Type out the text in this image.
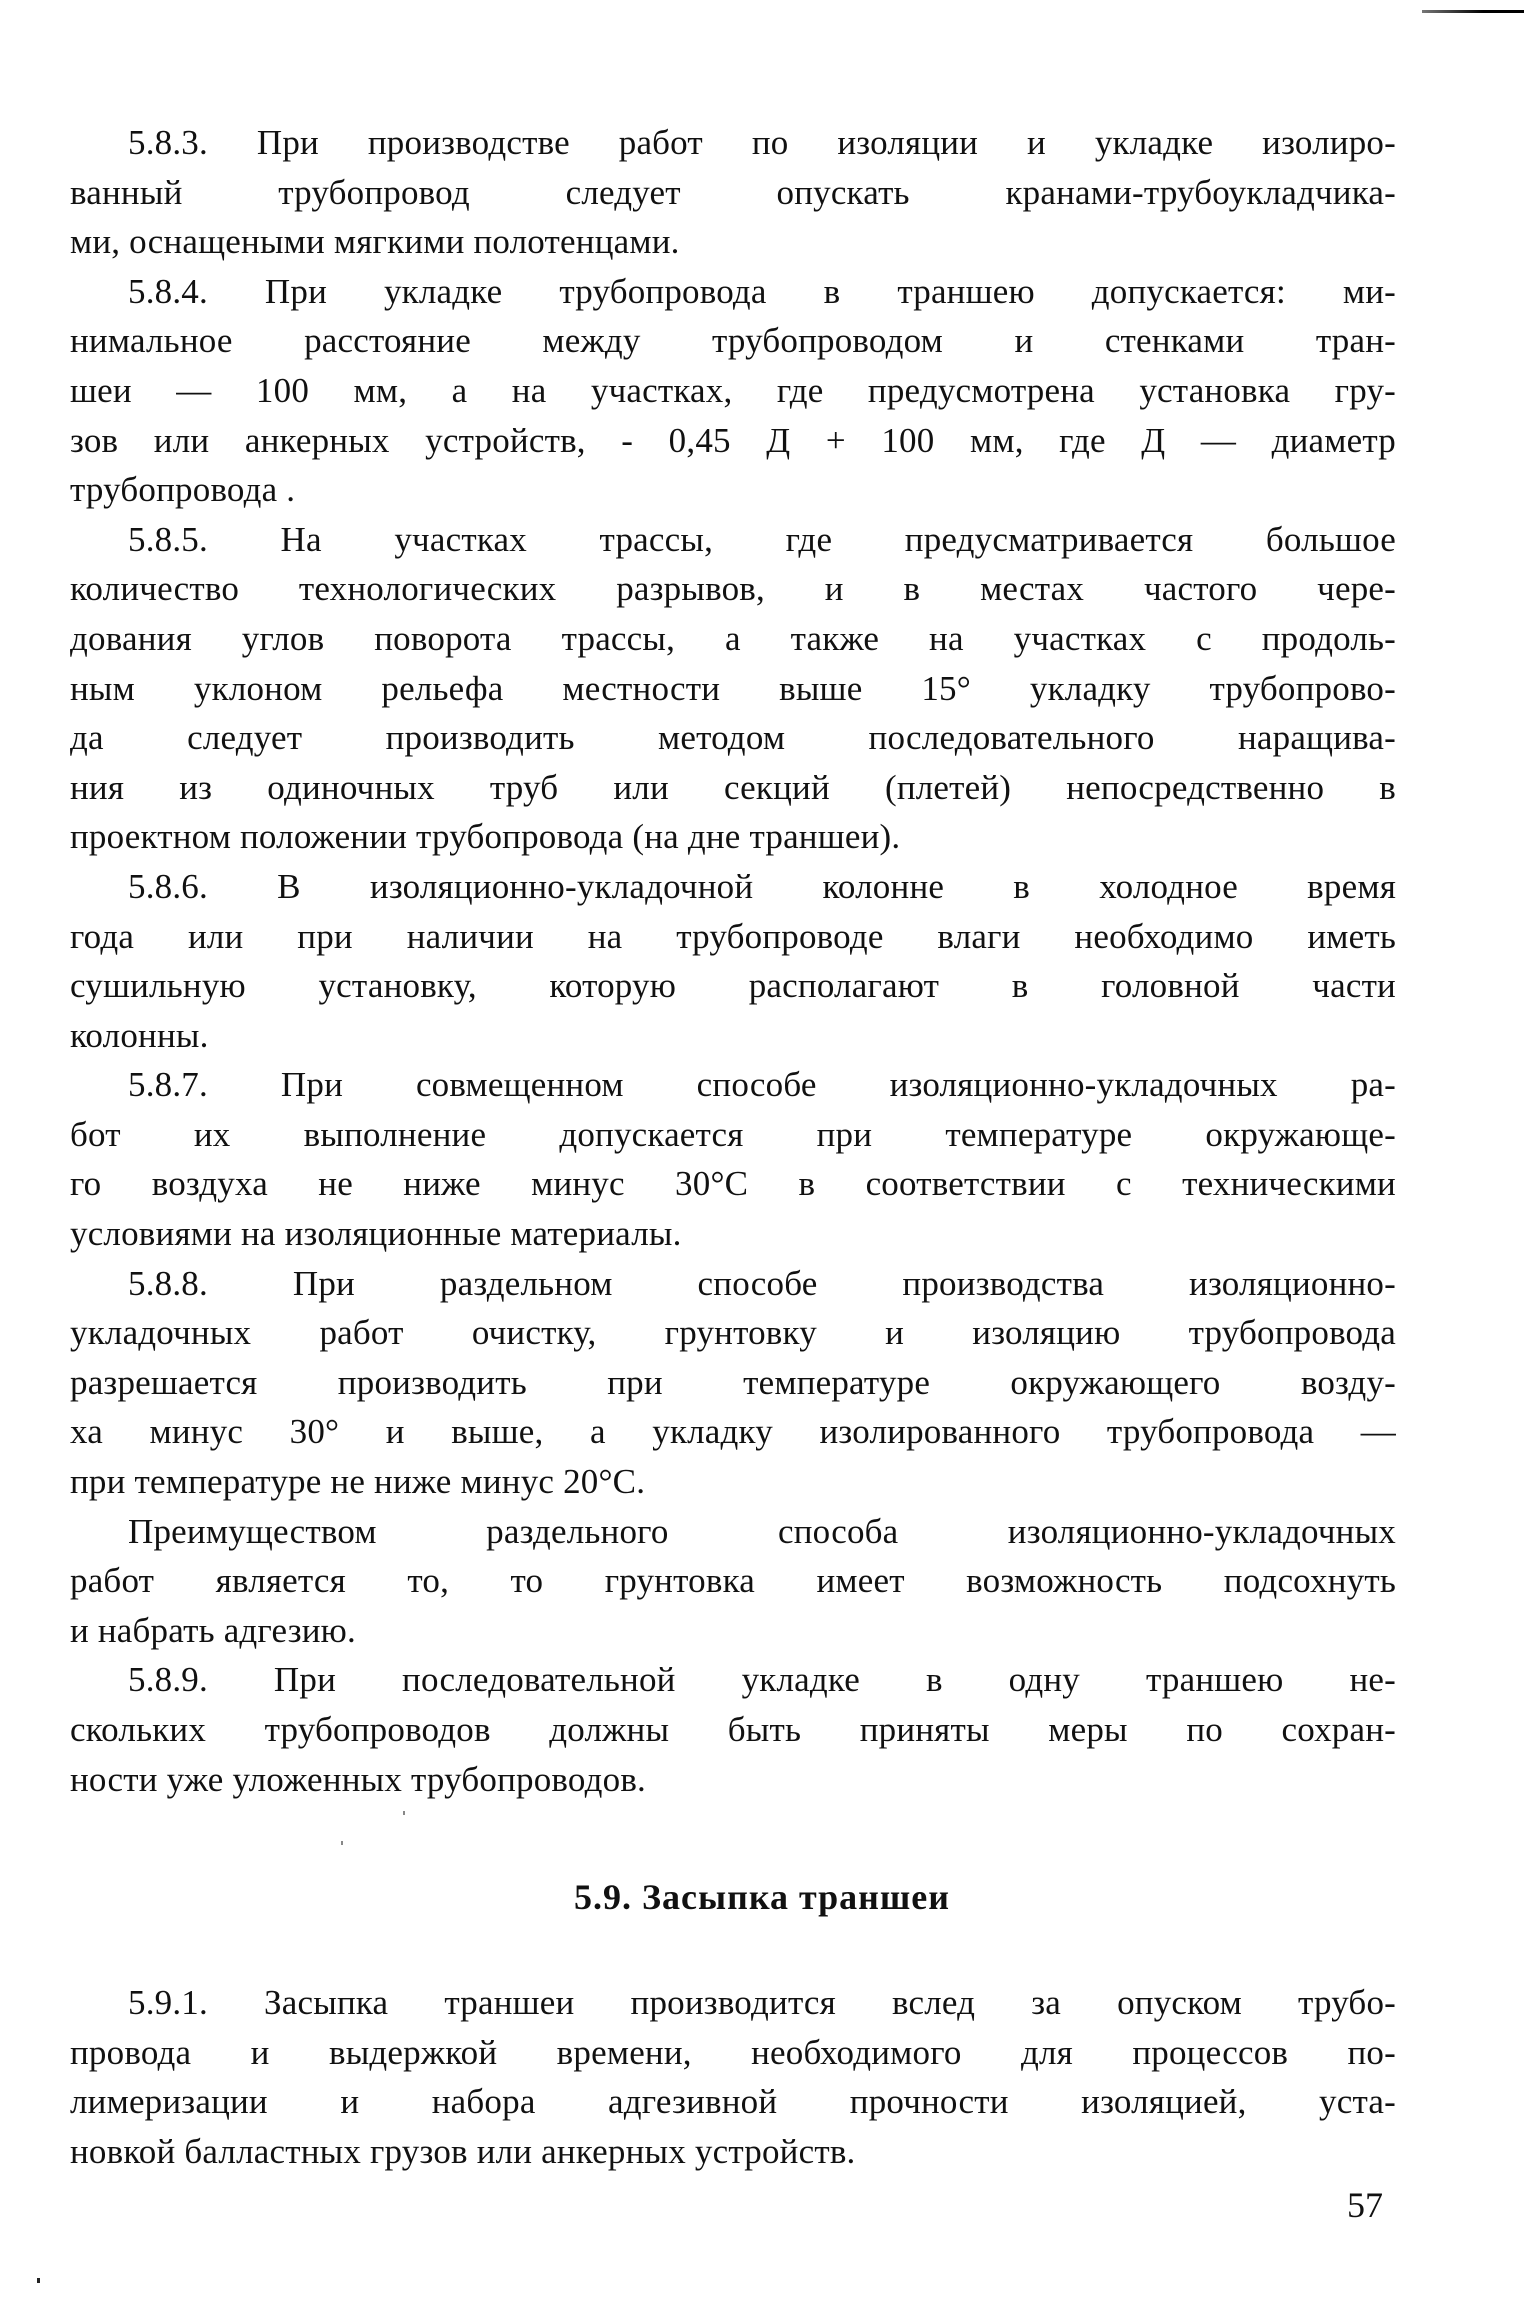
5.8.3. При производстве работ по изоляции и укладке изолиро-
ванный трубопровод следует опускать кранами-трубоукладчика-
ми, оснащеными мягкими полотенцами.

5.8.4. При укладке трубопровода в траншею допускается: ми-
нимальное расстояние между трубопроводом и стенками тран-
шеи — 100 мм, а на участках, где предусмотрена установка гру-
зов или анкерных устройств, - 0,45 Д + 100 мм, где Д — диаметр
трубопровода .

5.8.5. На участках трассы, где предусматривается большое
количество технологических разрывов, и в местах частого чере-
дования углов поворота трассы, а также на участках с продоль-
ным уклоном рельефа местности выше 15° укладку трубопрово-
да следует производить методом последовательного наращива-
ния из одиночных труб или секций (плетей) непосредственно в
проектном положении трубопровода (на дне траншеи).

5.8.6. В изоляционно-укладочной колонне в холодное время
года или при наличии на трубопроводе влаги необходимо иметь
сушильную установку, которую располагают в головной части
колонны.

5.8.7. При совмещенном способе изоляционно-укладочных ра-
бот их выполнение допускается при температуре окружающе-
го воздуха не ниже минус 30°С в соответствии с техническими
условиями на изоляционные материалы.

5.8.8. При раздельном способе производства изоляционно-
укладочных работ очистку, грунтовку и изоляцию трубопровода
разрешается производить при температуре окружающего возду-
ха минус 30° и выше, а укладку изолированного трубопровода —
при температуре не ниже минус 20°С.

Преимуществом раздельного способа изоляционно-укладочных
работ является то, то грунтовка имеет возможность подсохнуть
и набрать адгезию.

5.8.9. При последовательной укладке в одну траншею не-
скольких трубопроводов должны быть приняты меры по сохран-
ности уже уложенных трубопроводов.

5.9. Засыпка траншеи

5.9.1. Засыпка траншеи производится вслед за опуском трубо-
провода и выдержкой времени, необходимого для процессов по-
лимеризации и набора адгезивной прочности изоляцией, уста-
новкой балластных грузов или анкерных устройств.

57
